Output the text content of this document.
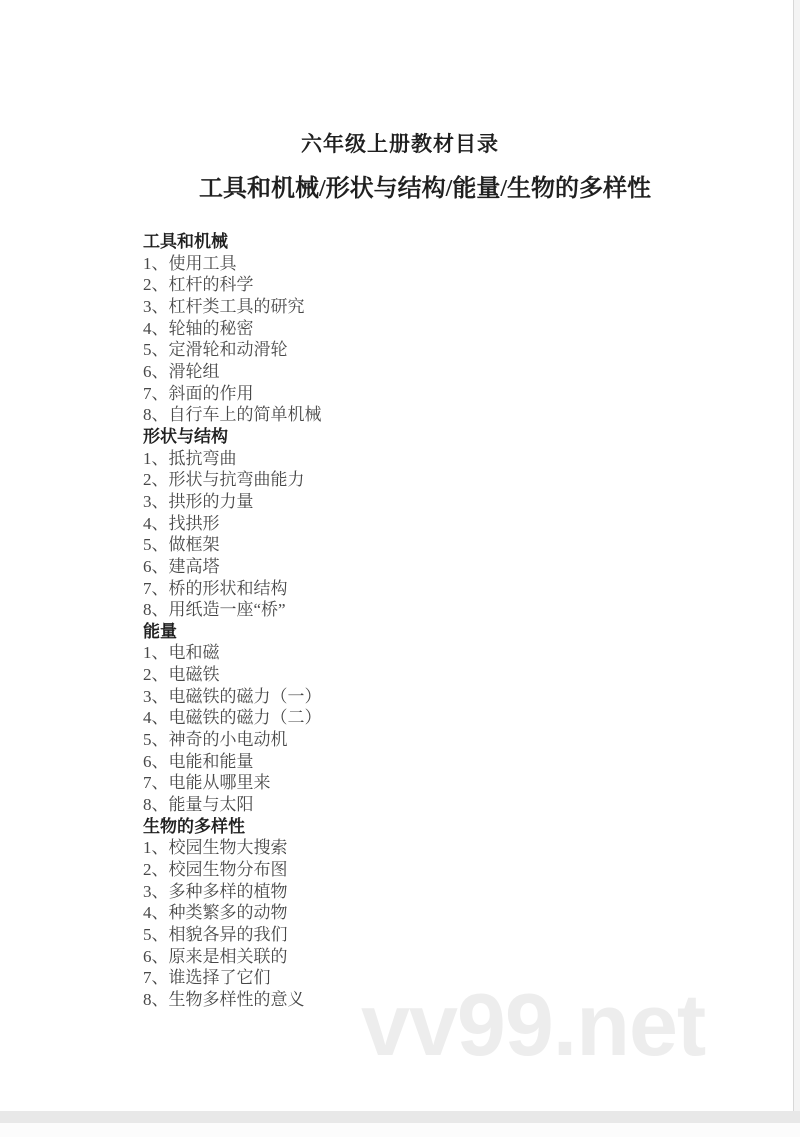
vv99.net
六年级上册教材目录
工具和机械/形状与结构/能量/生物的多样性
工具和机械
1、使用工具
2、杠杆的科学
3、杠杆类工具的研究
4、轮轴的秘密
5、定滑轮和动滑轮
6、滑轮组
7、斜面的作用
8、自行车上的简单机械
形状与结构
1、抵抗弯曲
2、形状与抗弯曲能力
3、拱形的力量
4、找拱形
5、做框架
6、建高塔
7、桥的形状和结构
8、用纸造一座“桥”
能量
1、电和磁
2、电磁铁
3、电磁铁的磁力（一）
4、电磁铁的磁力（二）
5、神奇的小电动机
6、电能和能量
7、电能从哪里来
8、能量与太阳
生物的多样性
1、校园生物大搜索
2、校园生物分布图
3、多种多样的植物
4、种类繁多的动物
5、相貌各异的我们
6、原来是相关联的
7、谁选择了它们
8、生物多样性的意义
